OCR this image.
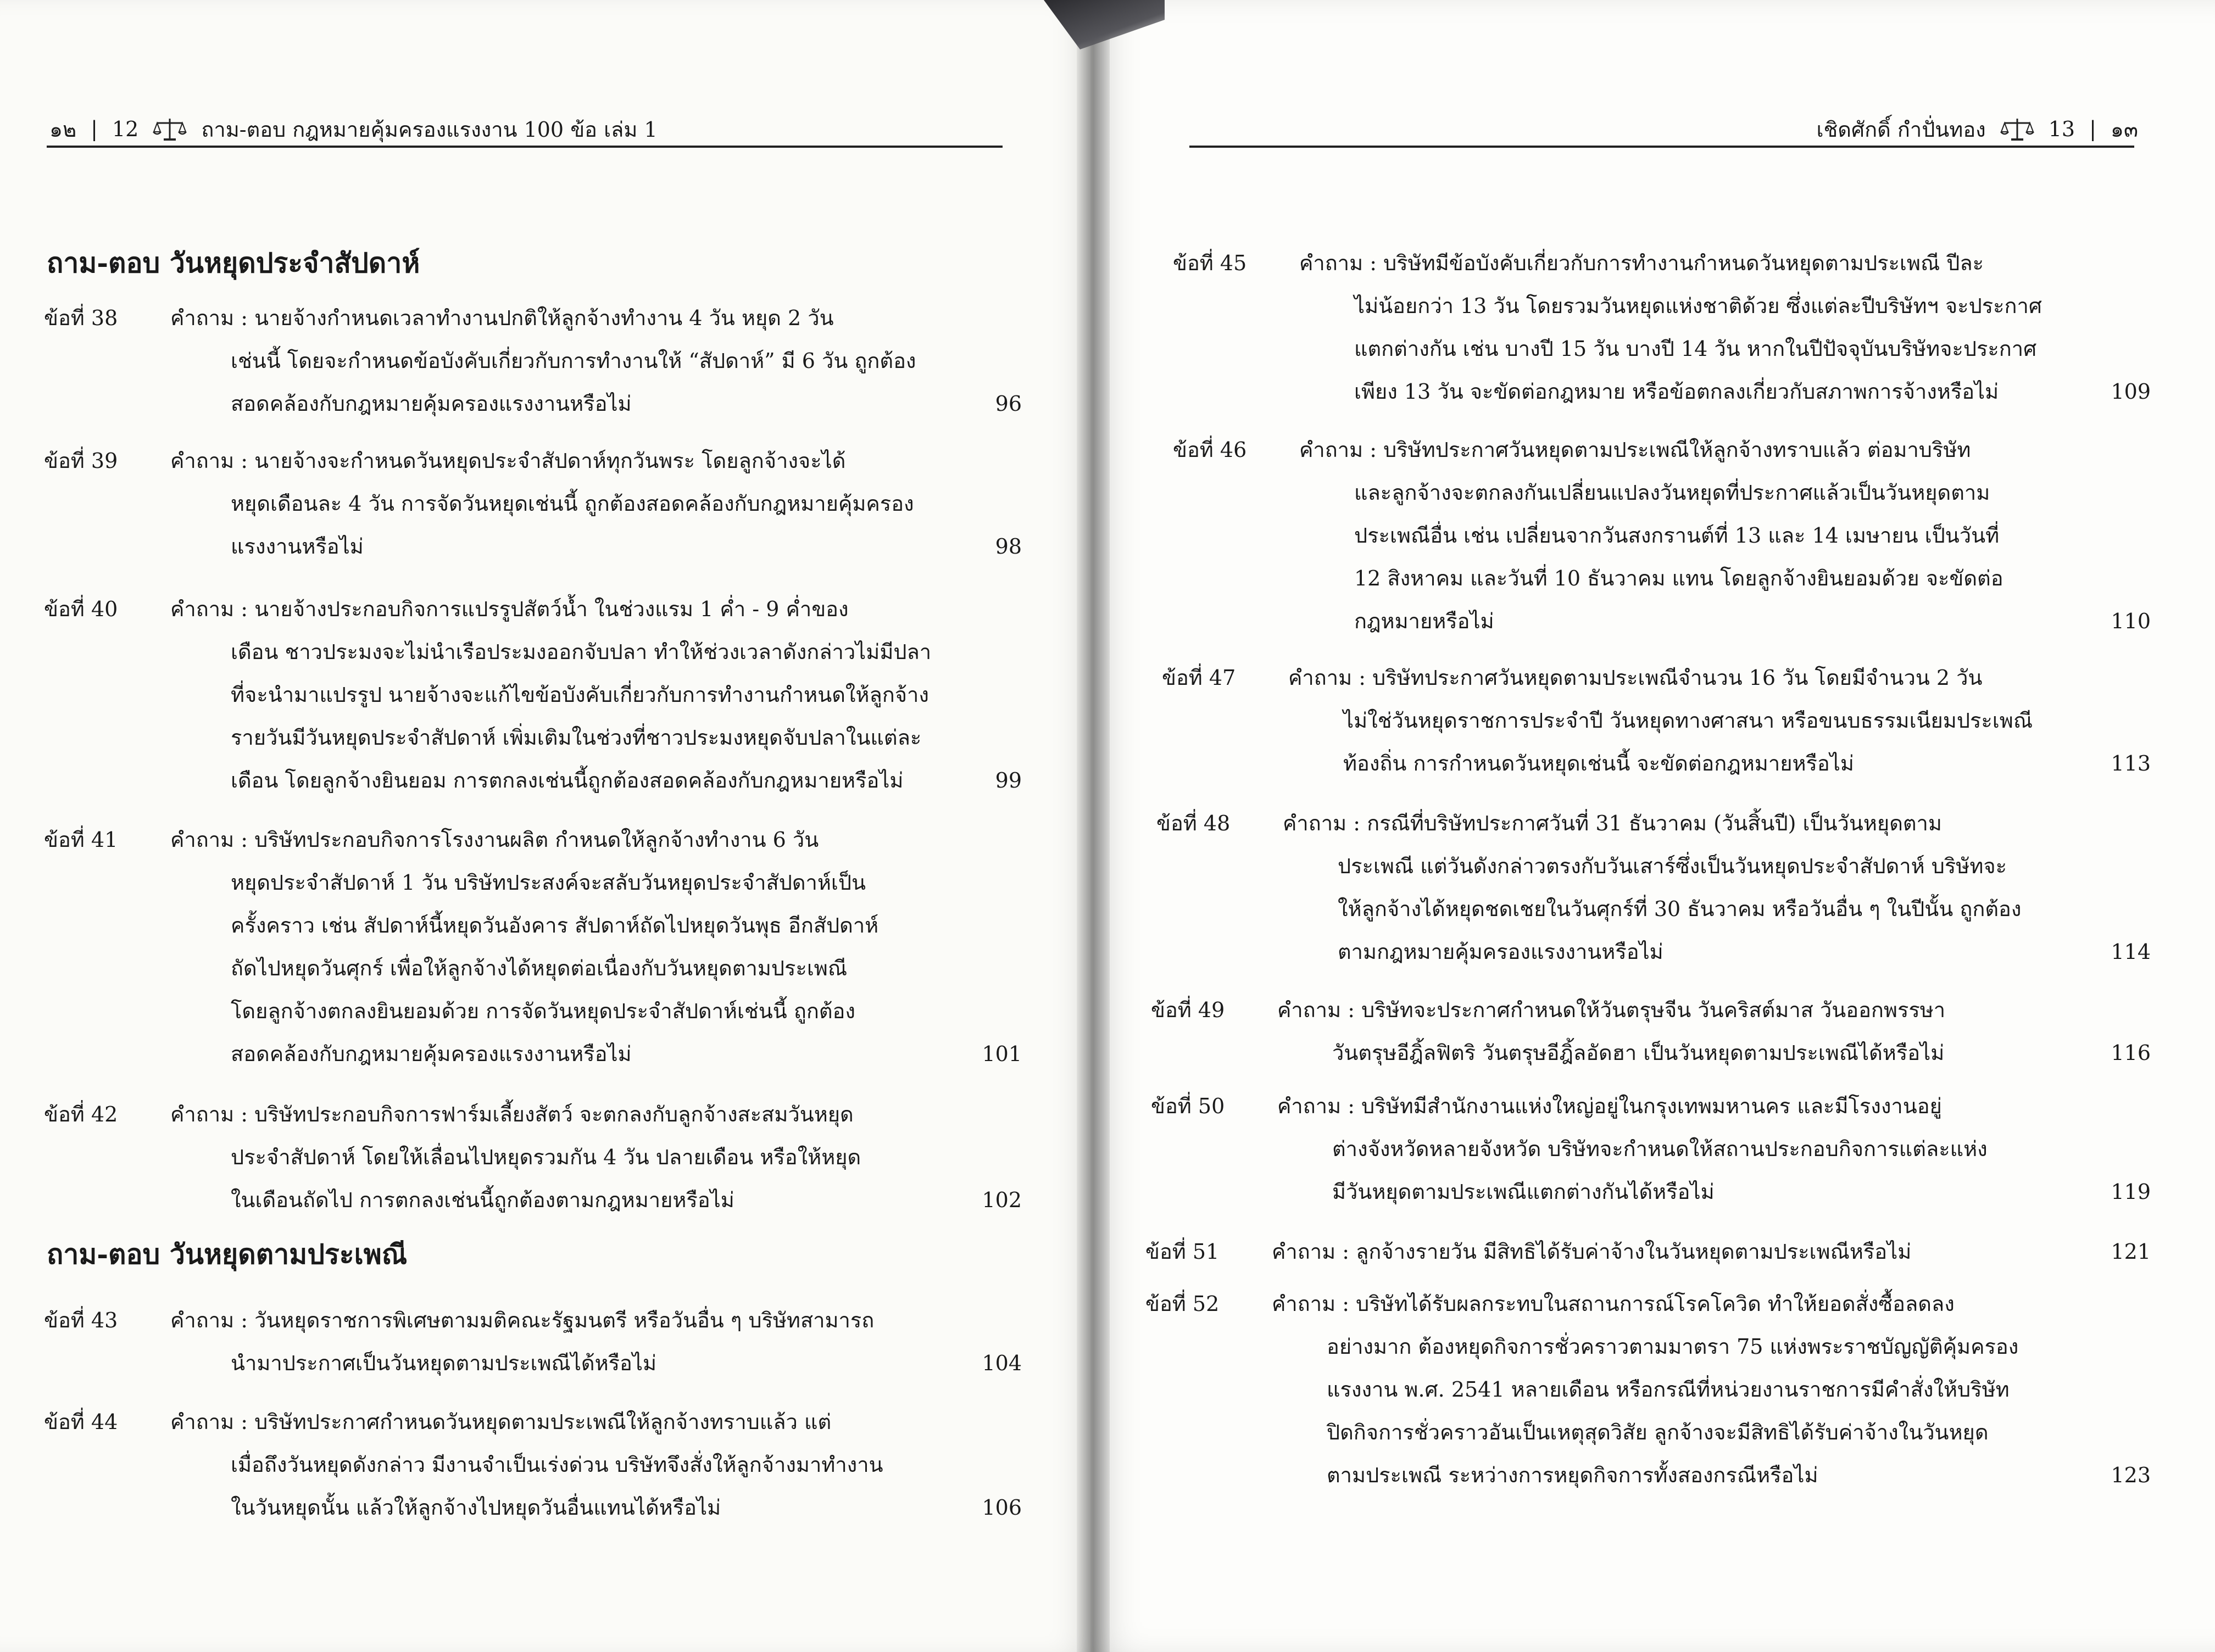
๑๒ | 12	ถาม-ตอบ กฎหมายคุ้มครองแรงงาน 100 ข้อ เล่ม 1
ถาม-ตอบ วันหยุดประจำสัปดาห์
ข้อที่ 38	คำถาม : นายจ้างกำหนดเวลาทำงานปกติให้ลูกจ้างทำงาน 4 วัน หยุด 2 วัน
เช่นนี้ โดยจะกำหนดข้อบังคับเกี่ยวกับการทำงานให้ “สัปดาห์” มี 6 วัน ถูกต้อง
สอดคล้องกับกฎหมายคุ้มครองแรงงานหรือไม่	96
ข้อที่ 39	คำถาม : นายจ้างจะกำหนดวันหยุดประจำสัปดาห์ทุกวันพระ โดยลูกจ้างจะได้
หยุดเดือนละ 4 วัน การจัดวันหยุดเช่นนี้ ถูกต้องสอดคล้องกับกฎหมายคุ้มครอง
แรงงานหรือไม่	98
ข้อที่ 40	คำถาม : นายจ้างประกอบกิจการแปรรูปสัตว์น้ำ ในช่วงแรม 1 ค่ำ - 9 ค่ำของ
เดือน ชาวประมงจะไม่นำเรือประมงออกจับปลา ทำให้ช่วงเวลาดังกล่าวไม่มีปลา
ที่จะนำมาแปรรูป นายจ้างจะแก้ไขข้อบังคับเกี่ยวกับการทำงานกำหนดให้ลูกจ้าง
รายวันมีวันหยุดประจำสัปดาห์ เพิ่มเติมในช่วงที่ชาวประมงหยุดจับปลาในแต่ละ
เดือน โดยลูกจ้างยินยอม การตกลงเช่นนี้ถูกต้องสอดคล้องกับกฎหมายหรือไม่	99
ข้อที่ 41	คำถาม : บริษัทประกอบกิจการโรงงานผลิต กำหนดให้ลูกจ้างทำงาน 6 วัน
หยุดประจำสัปดาห์ 1 วัน บริษัทประสงค์จะสลับวันหยุดประจำสัปดาห์เป็น
ครั้งคราว เช่น สัปดาห์นี้หยุดวันอังคาร สัปดาห์ถัดไปหยุดวันพุธ อีกสัปดาห์
ถัดไปหยุดวันศุกร์ เพื่อให้ลูกจ้างได้หยุดต่อเนื่องกับวันหยุดตามประเพณี
โดยลูกจ้างตกลงยินยอมด้วย การจัดวันหยุดประจำสัปดาห์เช่นนี้ ถูกต้อง
สอดคล้องกับกฎหมายคุ้มครองแรงงานหรือไม่	101
ข้อที่ 42	คำถาม : บริษัทประกอบกิจการฟาร์มเลี้ยงสัตว์ จะตกลงกับลูกจ้างสะสมวันหยุด
ประจำสัปดาห์ โดยให้เลื่อนไปหยุดรวมกัน 4 วัน ปลายเดือน หรือให้หยุด
ในเดือนถัดไป การตกลงเช่นนี้ถูกต้องตามกฎหมายหรือไม่	102
ถาม-ตอบ วันหยุดตามประเพณี
ข้อที่ 43	คำถาม : วันหยุดราชการพิเศษตามมติคณะรัฐมนตรี หรือวันอื่น ๆ บริษัทสามารถ
นำมาประกาศเป็นวันหยุดตามประเพณีได้หรือไม่	104
ข้อที่ 44	คำถาม : บริษัทประกาศกำหนดวันหยุดตามประเพณีให้ลูกจ้างทราบแล้ว แต่
เมื่อถึงวันหยุดดังกล่าว มีงานจำเป็นเร่งด่วน บริษัทจึงสั่งให้ลูกจ้างมาทำงาน
ในวันหยุดนั้น แล้วให้ลูกจ้างไปหยุดวันอื่นแทนได้หรือไม่	106
เชิดศักดิ์ กำปั่นทอง	13 | ๑๓
ข้อที่ 45	คำถาม : บริษัทมีข้อบังคับเกี่ยวกับการทำงานกำหนดวันหยุดตามประเพณี ปีละ
ไม่น้อยกว่า 13 วัน โดยรวมวันหยุดแห่งชาติด้วย ซึ่งแต่ละปีบริษัทฯ จะประกาศ
แตกต่างกัน เช่น บางปี 15 วัน บางปี 14 วัน หากในปีปัจจุบันบริษัทจะประกาศ
เพียง 13 วัน จะขัดต่อกฎหมาย หรือข้อตกลงเกี่ยวกับสภาพการจ้างหรือไม่	109
ข้อที่ 46	คำถาม : บริษัทประกาศวันหยุดตามประเพณีให้ลูกจ้างทราบแล้ว ต่อมาบริษัท
และลูกจ้างจะตกลงกันเปลี่ยนแปลงวันหยุดที่ประกาศแล้วเป็นวันหยุดตาม
ประเพณีอื่น เช่น เปลี่ยนจากวันสงกรานต์ที่ 13 และ 14 เมษายน เป็นวันที่
12 สิงหาคม และวันที่ 10 ธันวาคม แทน โดยลูกจ้างยินยอมด้วย จะขัดต่อ
กฎหมายหรือไม่	110
ข้อที่ 47	คำถาม : บริษัทประกาศวันหยุดตามประเพณีจำนวน 16 วัน โดยมีจำนวน 2 วัน
ไม่ใช่วันหยุดราชการประจำปี วันหยุดทางศาสนา หรือขนบธรรมเนียมประเพณี
ท้องถิ่น การกำหนดวันหยุดเช่นนี้ จะขัดต่อกฎหมายหรือไม่	113
ข้อที่ 48	คำถาม : กรณีที่บริษัทประกาศวันที่ 31 ธันวาคม (วันสิ้นปี) เป็นวันหยุดตาม
ประเพณี แต่วันดังกล่าวตรงกับวันเสาร์ซึ่งเป็นวันหยุดประจำสัปดาห์ บริษัทจะ
ให้ลูกจ้างได้หยุดชดเชยในวันศุกร์ที่ 30 ธันวาคม หรือวันอื่น ๆ ในปีนั้น ถูกต้อง
ตามกฎหมายคุ้มครองแรงงานหรือไม่	114
ข้อที่ 49	คำถาม : บริษัทจะประกาศกำหนดให้วันตรุษจีน วันคริสต์มาส วันออกพรรษา
วันตรุษอีฎิ้ลฟิตริ วันตรุษอีฎิ้ลอัดฮา เป็นวันหยุดตามประเพณีได้หรือไม่	116
ข้อที่ 50	คำถาม : บริษัทมีสำนักงานแห่งใหญ่อยู่ในกรุงเทพมหานคร และมีโรงงานอยู่
ต่างจังหวัดหลายจังหวัด บริษัทจะกำหนดให้สถานประกอบกิจการแต่ละแห่ง
มีวันหยุดตามประเพณีแตกต่างกันได้หรือไม่	119
ข้อที่ 51	คำถาม : ลูกจ้างรายวัน มีสิทธิได้รับค่าจ้างในวันหยุดตามประเพณีหรือไม่	121
ข้อที่ 52	คำถาม : บริษัทได้รับผลกระทบในสถานการณ์โรคโควิด ทำให้ยอดสั่งซื้อลดลง
อย่างมาก ต้องหยุดกิจการชั่วคราวตามมาตรา 75 แห่งพระราชบัญญัติคุ้มครอง
แรงงาน พ.ศ. 2541 หลายเดือน หรือกรณีที่หน่วยงานราชการมีคำสั่งให้บริษัท
ปิดกิจการชั่วคราวอันเป็นเหตุสุดวิสัย ลูกจ้างจะมีสิทธิได้รับค่าจ้างในวันหยุด
ตามประเพณี ระหว่างการหยุดกิจการทั้งสองกรณีหรือไม่	123
